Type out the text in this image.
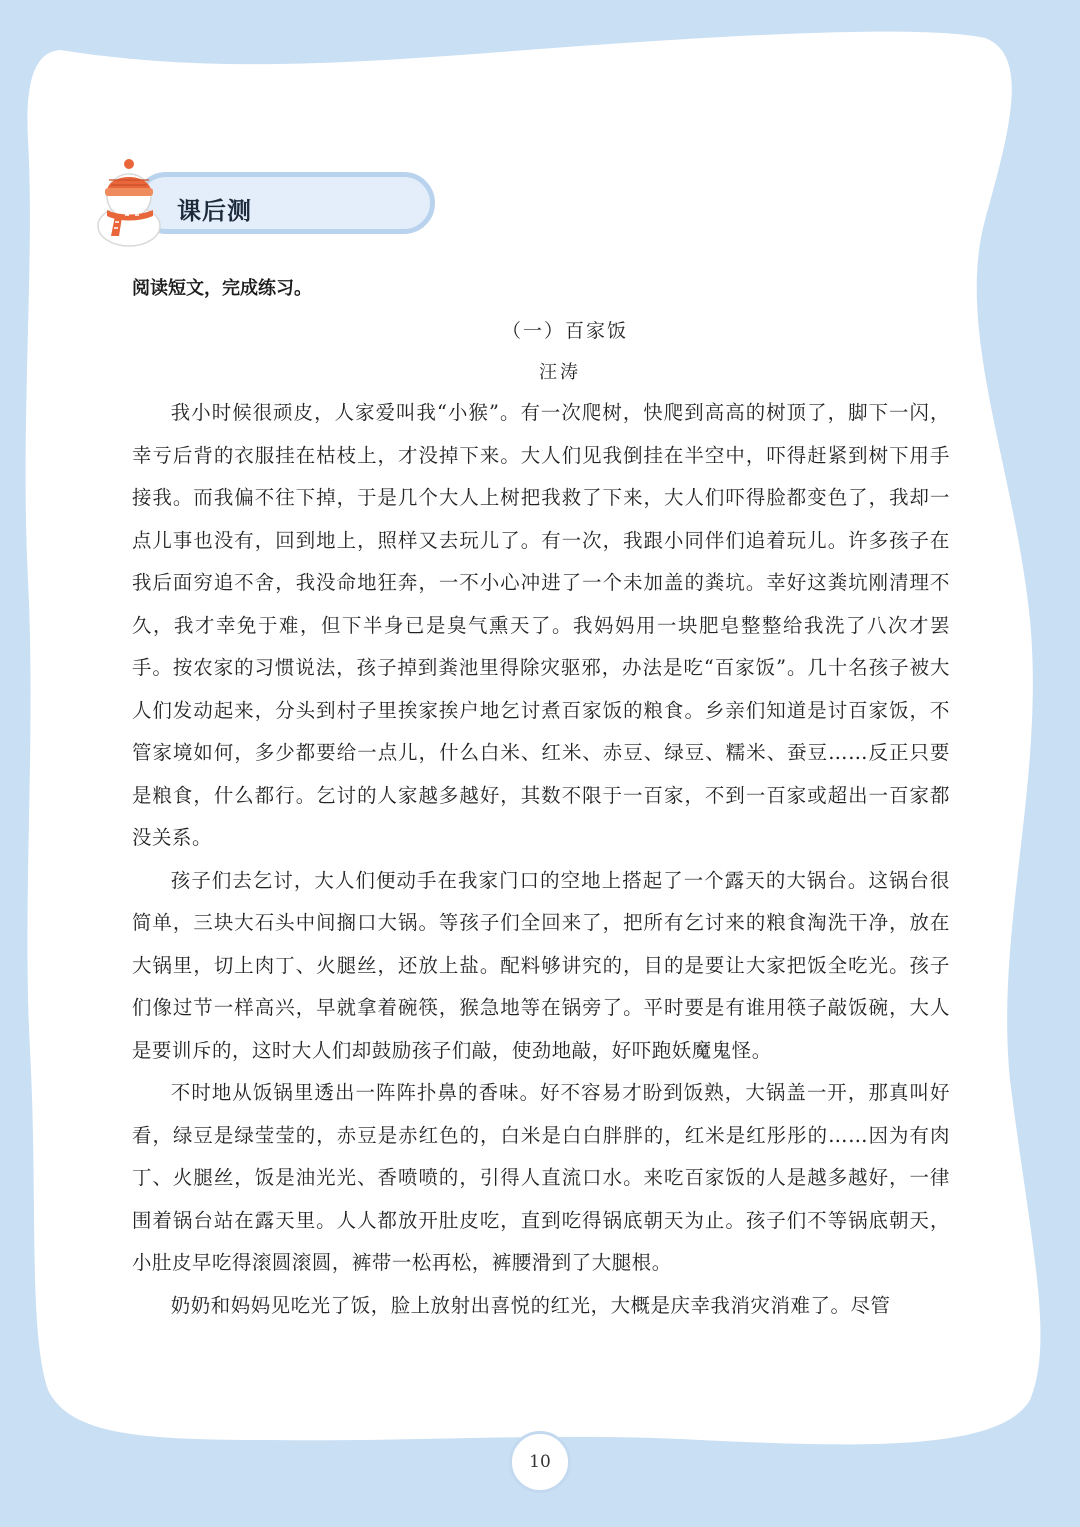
课后测
阅读短文，完成练习。
（一）百家饭
汪涛

我小时候很顽皮，人家爱叫我“小猴”。有一次爬树，快爬到高高的树顶了，脚下一闪，幸亏后背的衣服挂在枯枝上，才没掉下来。大人们见我倒挂在半空中，吓得赶紧到树下用手接我。而我偏不往下掉，于是几个大人上树把我救了下来，大人们吓得脸都变色了，我却一点儿事也没有，回到地上，照样又去玩儿了。有一次，我跟小同伴们追着玩儿。许多孩子在我后面穷追不舍，我没命地狂奔，一不小心冲进了一个未加盖的粪坑。幸好这粪坑刚清理不久，我才幸免于难，但下半身已是臭气熏天了。我妈妈用一块肥皂整整给我洗了八次才罢手。按农家的习惯说法，孩子掉到粪池里得除灾驱邪，办法是吃“百家饭”。几十名孩子被大人们发动起来，分头到村子里挨家挨户地乞讨煮百家饭的粮食。乡亲们知道是讨百家饭，不管家境如何，多少都要给一点儿，什么白米、红米、赤豆、绿豆、糯米、蚕豆……反正只要是粮食，什么都行。乞讨的人家越多越好，其数不限于一百家，不到一百家或超出一百家都没关系。

孩子们去乞讨，大人们便动手在我家门口的空地上搭起了一个露天的大锅台。这锅台很简单，三块大石头中间搁口大锅。等孩子们全回来了，把所有乞讨来的粮食淘洗干净，放在大锅里，切上肉丁、火腿丝，还放上盐。配料够讲究的，目的是要让大家把饭全吃光。孩子们像过节一样高兴，早就拿着碗筷，猴急地等在锅旁了。平时要是有谁用筷子敲饭碗，大人是要训斥的，这时大人们却鼓励孩子们敲，使劲地敲，好吓跑妖魔鬼怪。

不时地从饭锅里透出一阵阵扑鼻的香味。好不容易才盼到饭熟，大锅盖一开，那真叫好看，绿豆是绿莹莹的，赤豆是赤红色的，白米是白白胖胖的，红米是红彤彤的……因为有肉丁、火腿丝，饭是油光光、香喷喷的，引得人直流口水。来吃百家饭的人是越多越好，一律围着锅台站在露天里。人人都放开肚皮吃，直到吃得锅底朝天为止。孩子们不等锅底朝天，小肚皮早吃得滚圆滚圆，裤带一松再松，裤腰滑到了大腿根。

奶奶和妈妈见吃光了饭，脸上放射出喜悦的红光，大概是庆幸我消灾消难了。尽管

10
